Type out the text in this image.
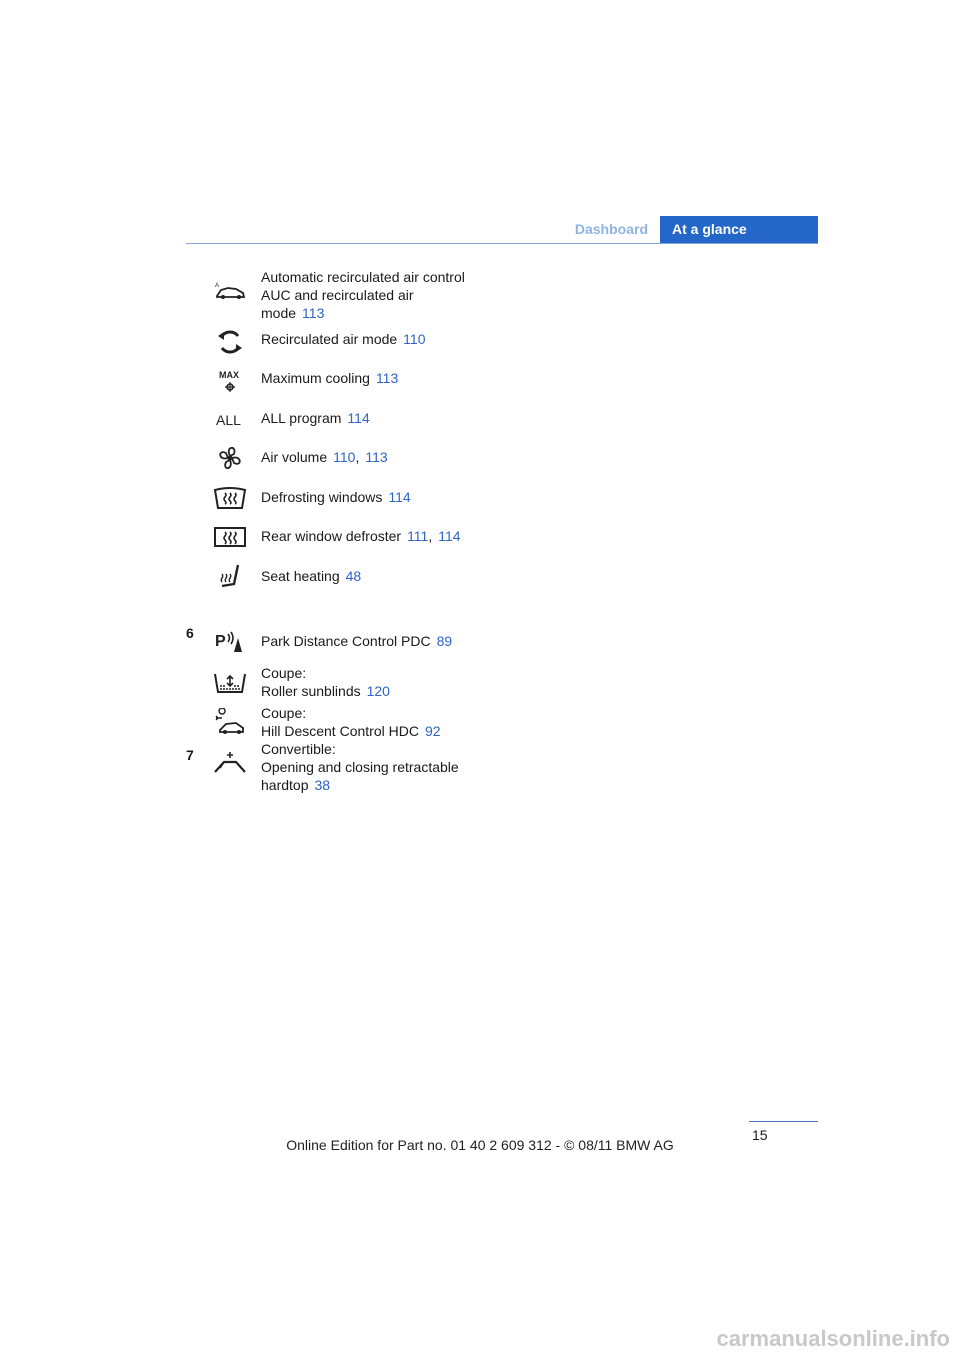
Dashboard	At a glance
A
MAX
ALL
P
6
7
Automatic recirculated air control
AUC and recirculated air
mode 113
Recirculated air mode 110
Maximum cooling 113
ALL program 114
Air volume 110, 113
Defrosting windows 114
Rear window defroster 111, 114
Seat heating 48
Park Distance Control PDC 89
Coupe:
Roller sunblinds 120
Coupe:
Hill Descent Control HDC 92
Convertible:
Opening and closing retractable
hardtop 38
15
Online Edition for Part no. 01 40 2 609 312 - © 08/11 BMW AG
carmanualsonline.info
